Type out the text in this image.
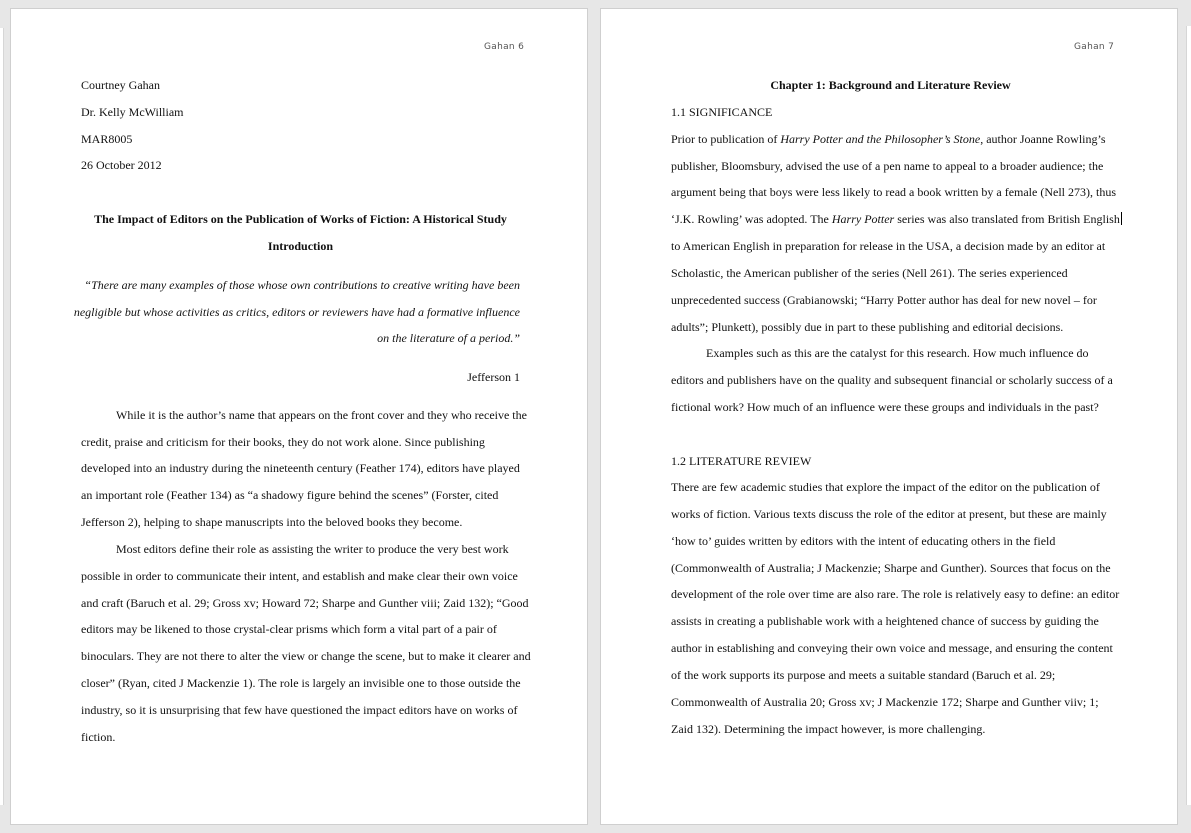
Gahan 6
Courtney Gahan
Dr. Kelly McWilliam
MAR8005
26 October 2012
The Impact of Editors on the Publication of Works of Fiction: A Historical Study
Introduction
“There are many examples of those whose own contributions to creative writing have been
negligible but whose activities as critics, editors or reviewers have had a formative influence
on the literature of a period.”
Jefferson 1
While it is the author’s name that appears on the front cover and they who receive the
credit, praise and criticism for their books, they do not work alone. Since publishing
developed into an industry during the nineteenth century (Feather 174), editors have played
an important role (Feather 134) as “a shadowy figure behind the scenes” (Forster, cited
Jefferson 2), helping to shape manuscripts into the beloved books they become.
Most editors define their role as assisting the writer to produce the very best work
possible in order to communicate their intent, and establish and make clear their own voice
and craft (Baruch et al. 29; Gross xv; Howard 72; Sharpe and Gunther viii; Zaid 132); “Good
editors may be likened to those crystal-clear prisms which form a vital part of a pair of
binoculars. They are not there to alter the view or change the scene, but to make it clearer and
closer” (Ryan, cited J Mackenzie 1). The role is largely an invisible one to those outside the
industry, so it is unsurprising that few have questioned the impact editors have on works of
fiction.
Gahan 7
Chapter 1: Background and Literature Review
1.1 SIGNIFICANCE
Prior to publication of Harry Potter and the Philosopher’s Stone, author Joanne Rowling’s
publisher, Bloomsbury, advised the use of a pen name to appeal to a broader audience; the
argument being that boys were less likely to read a book written by a female (Nell 273), thus
‘J.K. Rowling’ was adopted. The Harry Potter series was also translated from British English
to American English in preparation for release in the USA, a decision made by an editor at
Scholastic, the American publisher of the series (Nell 261). The series experienced
unprecedented success (Grabianowski; “Harry Potter author has deal for new novel – for
adults”; Plunkett), possibly due in part to these publishing and editorial decisions.
Examples such as this are the catalyst for this research. How much influence do
editors and publishers have on the quality and subsequent financial or scholarly success of a
fictional work? How much of an influence were these groups and individuals in the past?
1.2 LITERATURE REVIEW
There are few academic studies that explore the impact of the editor on the publication of
works of fiction. Various texts discuss the role of the editor at present, but these are mainly
‘how to’ guides written by editors with the intent of educating others in the field
(Commonwealth of Australia; J Mackenzie; Sharpe and Gunther). Sources that focus on the
development of the role over time are also rare. The role is relatively easy to define: an editor
assists in creating a publishable work with a heightened chance of success by guiding the
author in establishing and conveying their own voice and message, and ensuring the content
of the work supports its purpose and meets a suitable standard (Baruch et al. 29;
Commonwealth of Australia 20; Gross xv; J Mackenzie 172; Sharpe and Gunther viiv; 1;
Zaid 132). Determining the impact however, is more challenging.
